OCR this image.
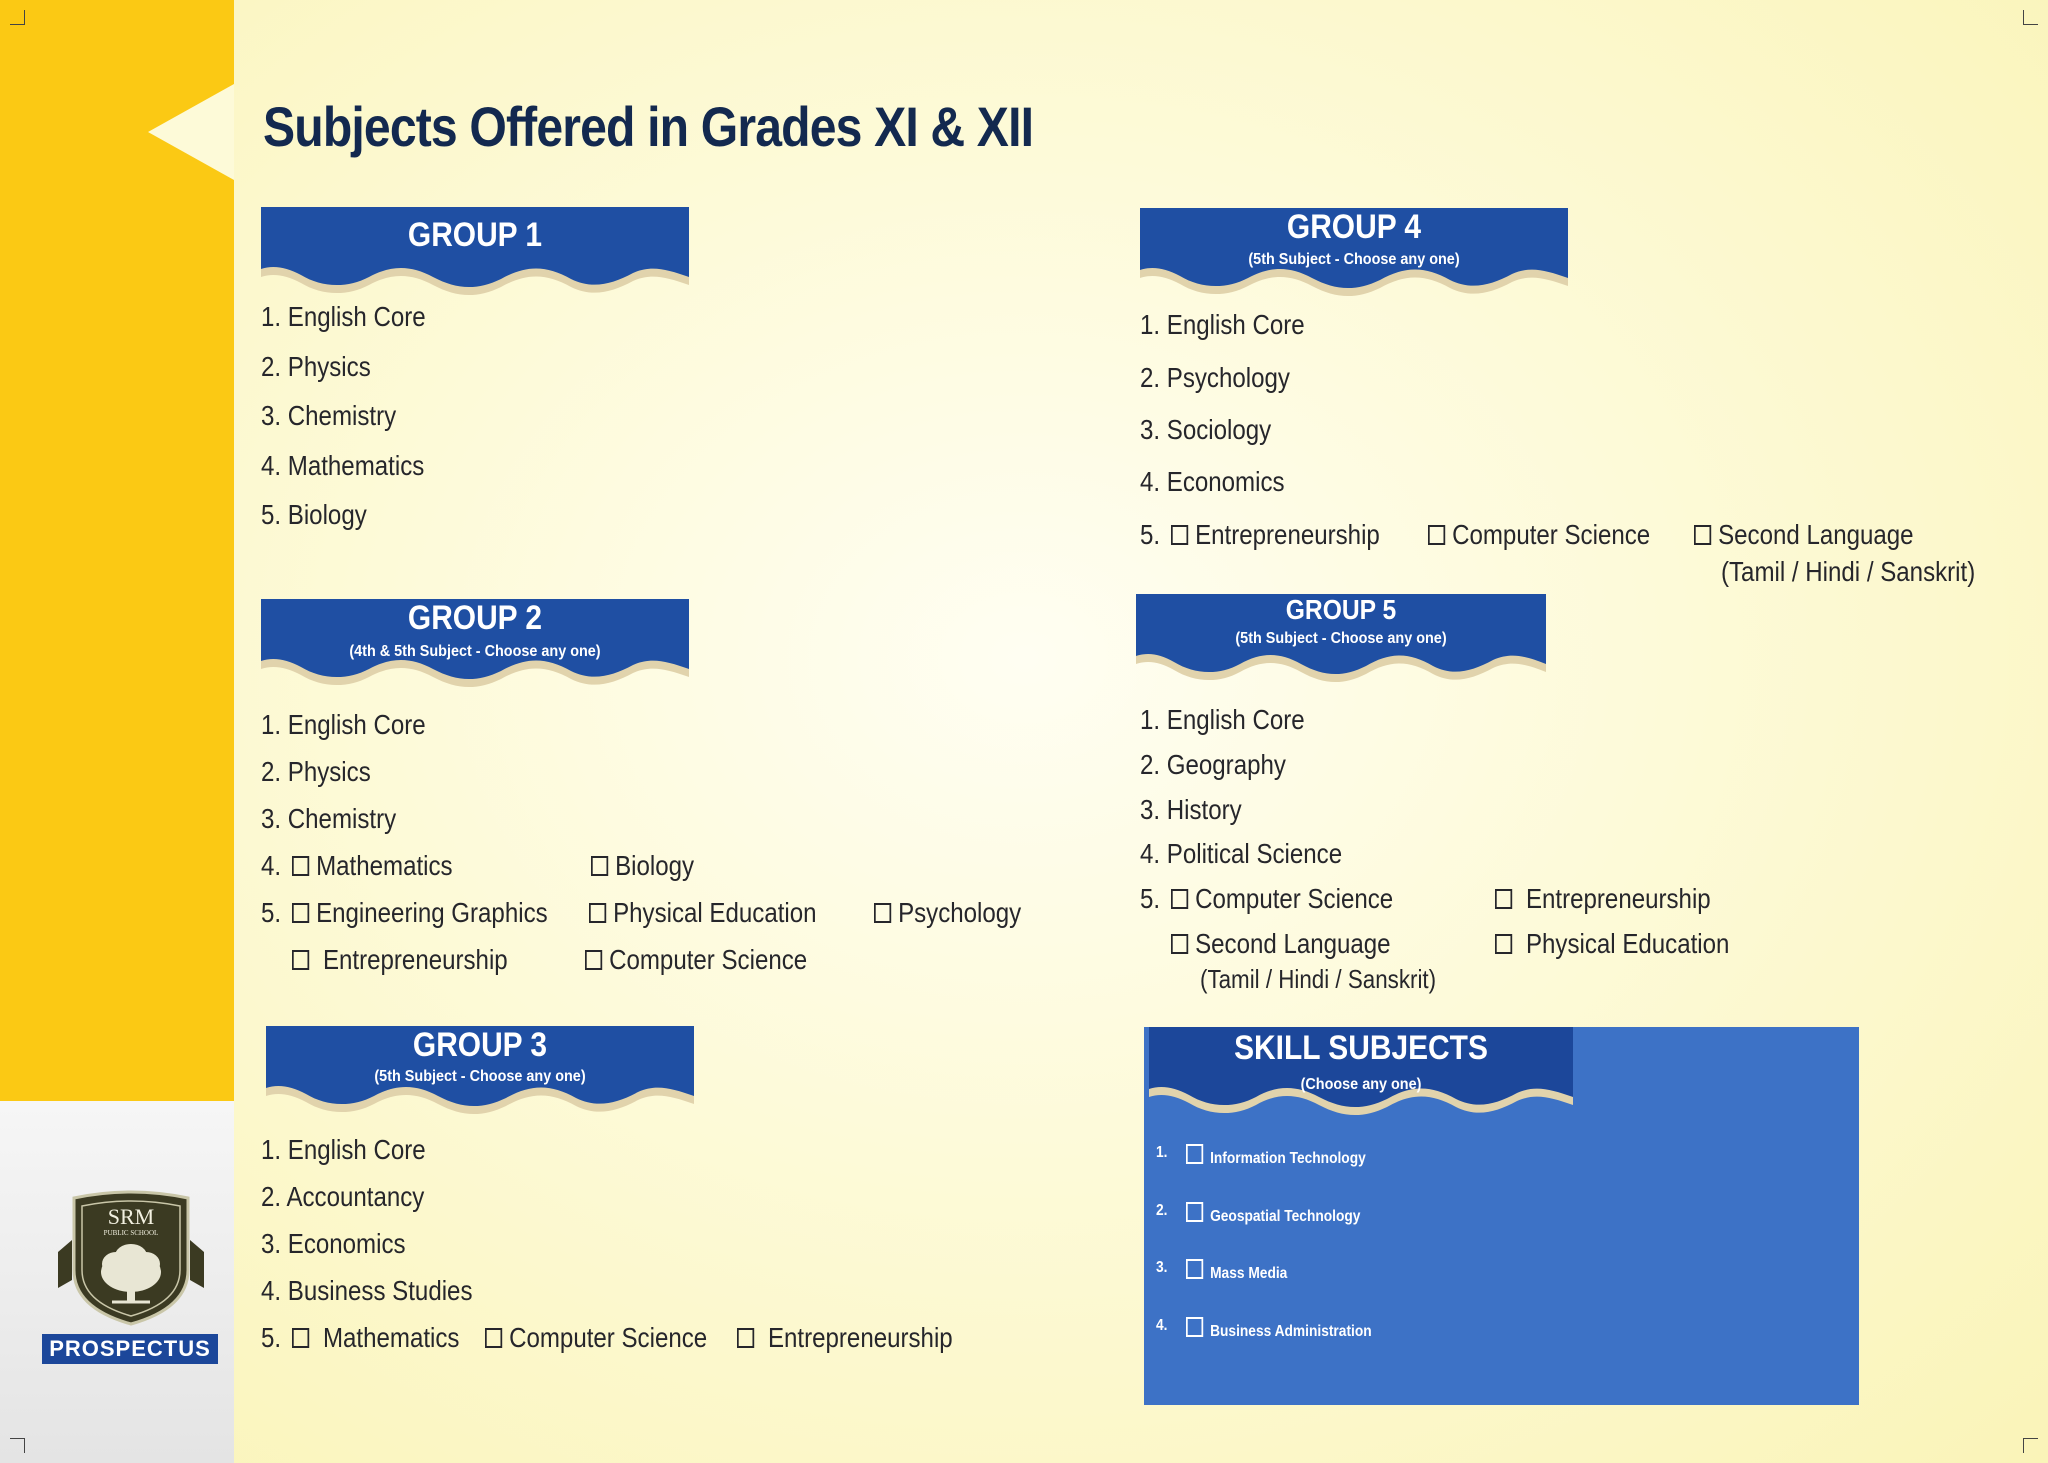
Subjects Offered in Grades XI & XII
GROUP 1
1. English Core
2. Physics
3. Chemistry
4. Mathematics
5. Biology
GROUP 2
(4th & 5th Subject - Choose any one)
1. English Core
2. Physics
3. Chemistry
4.	Mathematics	Biology
5.	Engineering Graphics	Physical Education	Psychology
Entrepreneurship	Computer Science
GROUP 3
(5th Subject - Choose any one)
1. English Core
2. Accountancy
3. Economics
4. Business Studies
5.	Mathematics	Computer Science	Entrepreneurship
GROUP 4
(5th Subject - Choose any one)
1. English Core
2. Psychology
3. Sociology
4. Economics
5.	Entrepreneurship	Computer Science	Second Language
(Tamil / Hindi / Sanskrit)
GROUP 5
(5th Subject - Choose any one)
1. English Core
2. Geography
3. History
4. Political Science
5.	Computer Science	Entrepreneurship
Second Language	Physical Education
(Tamil / Hindi / Sanskrit)
SKILL SUBJECTS
(Choose any one)
1.	Information Technology
2.	Geospatial Technology
3.	Mass Media
4.	Business Administration
SRM
PUBLIC SCHOOL
PROSPECTUS
